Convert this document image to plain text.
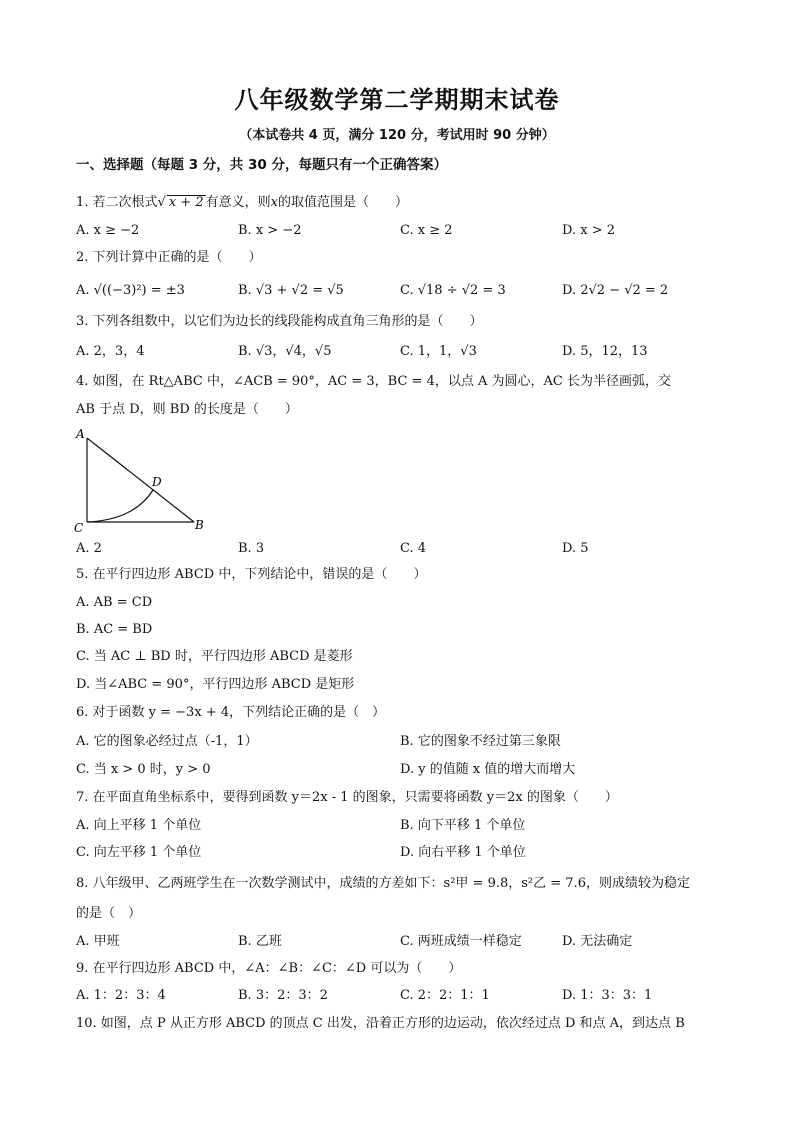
八年级数学第二学期期末试卷
（本试卷共 4 页，满分 120 分，考试用时 90 分钟）
一、选择题（每题 3 分，共 30 分，每题只有一个正确答案）
1. 若二次根式√ x + 2 有意义，则x的取值范围是（　　）
A. x ≥ −2	B. x > −2	C. x ≥ 2	D. x > 2
2. 下列计算中正确的是（　　）
A. √((−3)²) = ±3	B. √3 + √2 = √5	C. √18 ÷ √2 = 3	D. 2√2 − √2 = 2
3. 下列各组数中，以它们为边长的线段能构成直角三角形的是（　　）
A. 2，3，4	B. √3，√4，√5	C. 1，1，√3	D. 5，12，13
4. 如图，在 Rt△ABC 中，∠ACB = 90°，AC = 3，BC = 4，以点 A 为圆心，AC 长为半径画弧，交
AB 于点 D，则 BD 的长度是（　　）
A
C	B
D
A. 2	B. 3	C. 4	D. 5
5. 在平行四边形 ABCD 中，下列结论中，错误的是（　　）
A. AB = CD
B. AC = BD
C. 当 AC ⊥ BD 时，平行四边形 ABCD 是菱形
D. 当∠ABC = 90°，平行四边形 ABCD 是矩形
6. 对于函数 y = −3x + 4，下列结论正确的是（　）
A. 它的图象必经过点（-1，1）	B. 它的图象不经过第三象限
C. 当 x > 0 时，y > 0	D. y 的值随 x 值的增大而增大
7. 在平面直角坐标系中，要得到函数 y＝2x - 1 的图象，只需要将函数 y＝2x 的图象（　　）
A. 向上平移 1 个单位	B. 向下平移 1 个单位
C. 向左平移 1 个单位	D. 向右平移 1 个单位
8. 八年级甲、乙两班学生在一次数学测试中，成绩的方差如下：s²甲 = 9.8，s²乙 = 7.6，则成绩较为稳定
的是（　）
A. 甲班	B. 乙班	C. 两班成绩一样稳定	D. 无法确定
9. 在平行四边形 ABCD 中，∠A：∠B：∠C：∠D 可以为（　　）
A. 1：2：3：4	B. 3：2：3：2	C. 2：2：1：1	D. 1：3：3：1
10. 如图，点 P 从正方形 ABCD 的顶点 C 出发，沿着正方形的边运动，依次经过点 D 和点 A，到达点 B
